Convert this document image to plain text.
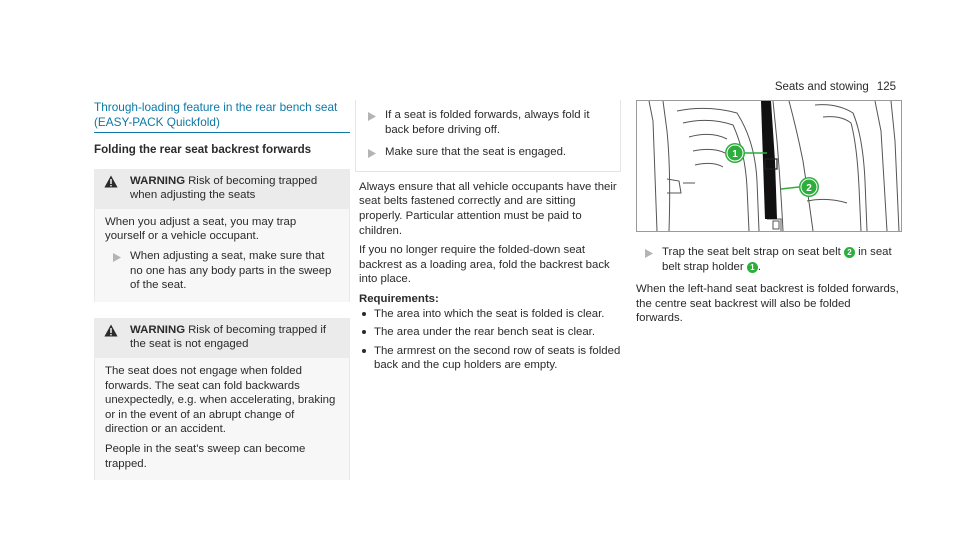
Seats and stowing 125
Through-loading feature in the rear bench seat
(EASY-PACK Quickfold)
Folding the rear seat backrest forwards
WARNING Risk of becoming trapped when adjusting the seats

When you adjust a seat, you may trap yourself or a vehicle occupant.

When adjusting a seat, make sure that no one has any body parts in the sweep of the seat.
WARNING Risk of becoming trapped if the seat is not engaged

The seat does not engage when folded forwards. The seat can fold backwards unexpectedly, e.g. when accelerating, braking or in the event of an abrupt change of direction or an accident.

People in the seat's sweep can become trapped.

If a seat is folded forwards, always fold it back before driving off.
Make sure that the seat is engaged.

Always ensure that all vehicle occupants have their seat belts fastened correctly and are sitting properly. Particular attention must be paid to children.

If you no longer require the folded-down seat backrest as a loading area, fold the backrest back into place.

Requirements:
The area into which the seat is folded is clear.
The area under the rear bench seat is clear.
The armrest on the second row of seats is folded back and the cup holders are empty.
1
2
Trap the seat belt strap on seat belt 2 in seat belt strap holder 1 .

When the left-hand seat backrest is folded forwards, the centre seat backrest will also be folded forwards.
